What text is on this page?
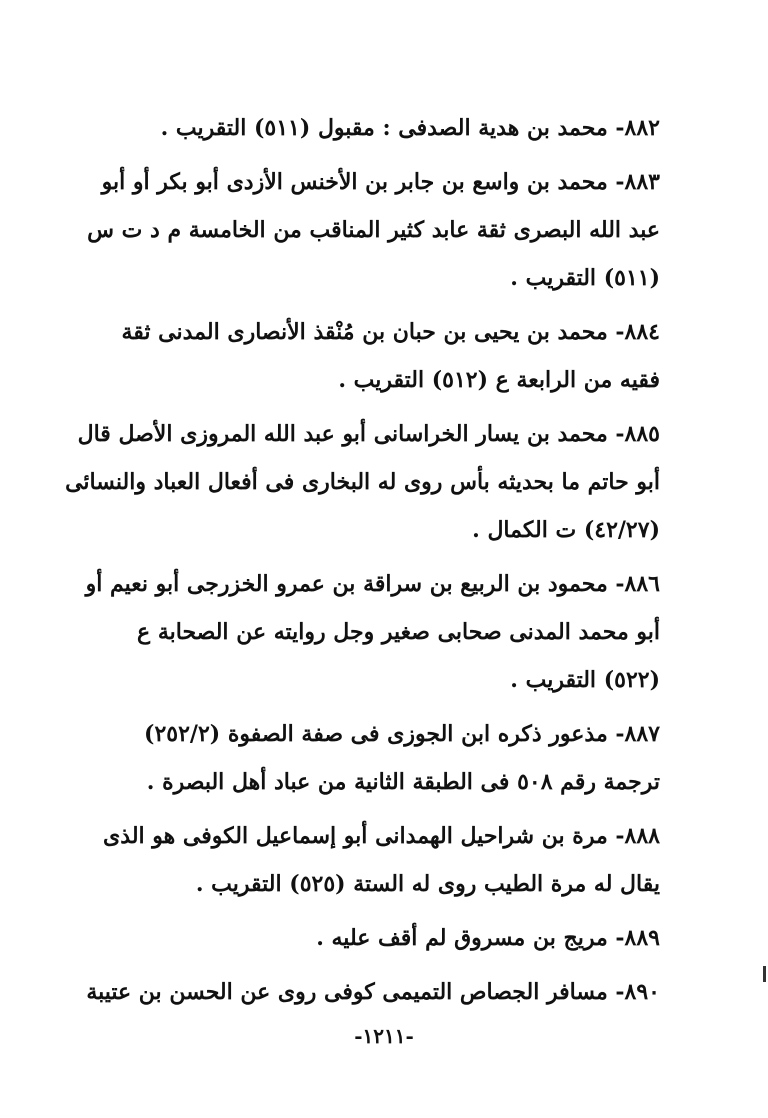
٨٨٢- محمد بن هدية الصدفى : مقبول (٥١١) التقريب .
٨٨٣- محمد بن واسع بن جابر بن الأخنس الأزدى أبو بكر أو أبو
عبد الله البصرى ثقة عابد كثير المناقب من الخامسة م د ت س
(٥١١) التقريب .
٨٨٤- محمد بن يحيى بن حبان بن مُنْقذ الأنصارى المدنى ثقة
فقيه من الرابعة ع (٥١٢) التقريب .
٨٨٥- محمد بن يسار الخراسانى أبو عبد الله المروزى الأصل قال
أبو حاتم ما بحديثه بأس روى له البخارى فى أفعال العباد والنسائى
(٤٢/٢٧) ت الكمال .
٨٨٦- محمود بن الربيع بن سراقة بن عمرو الخزرجى أبو نعيم أو
أبو محمد المدنى صحابى صغير وجل روايته عن الصحابة ع
(٥٢٢) التقريب .
٨٨٧- مذعور ذكره ابن الجوزى فى صفة الصفوة (٢٥٢/٢)
ترجمة رقم ٥٠٨ فى الطبقة الثانية من عباد أهل البصرة .
٨٨٨- مرة بن شراحيل الهمدانى أبو إسماعيل الكوفى هو الذى
يقال له مرة الطيب روى له الستة (٥٢٥) التقريب .
٨٨٩- مريج بن مسروق لم أقف عليه .
٨٩٠- مسافر الجصاص التميمى كوفى روى عن الحسن بن عتيبة
-١٢١١-
